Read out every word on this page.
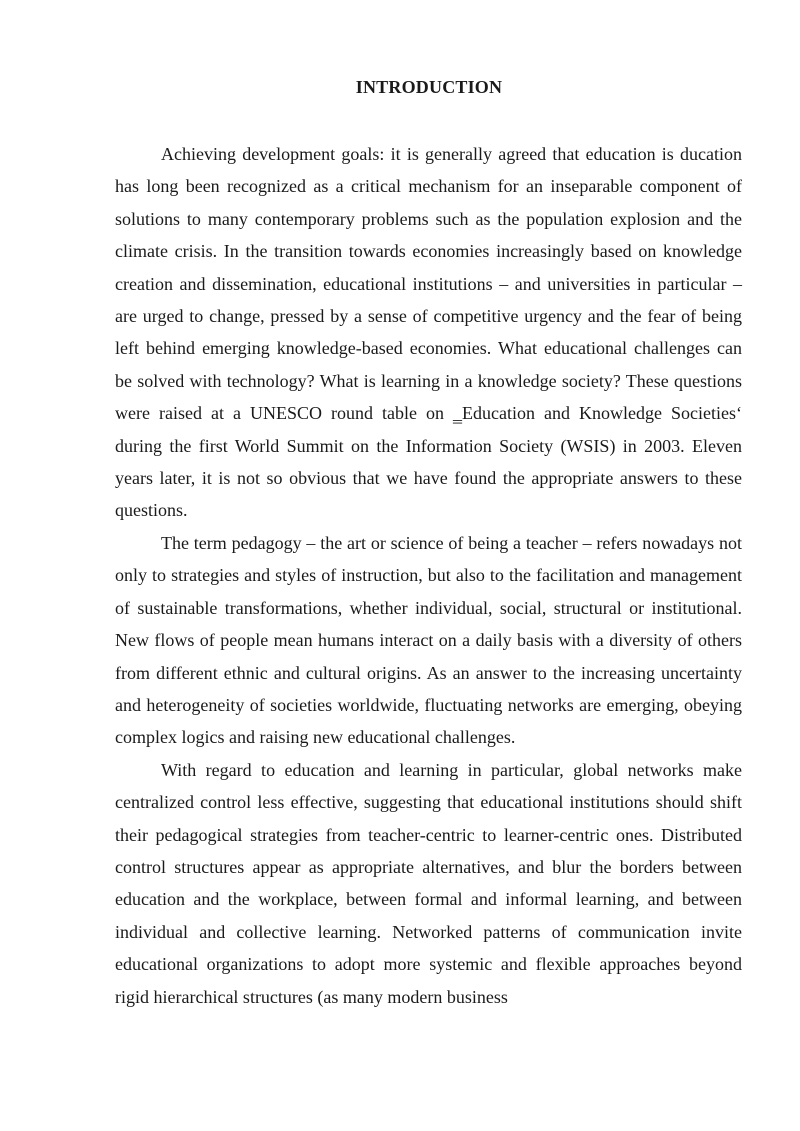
INTRODUCTION

Achieving development goals: it is generally agreed that education is ducation has long been recognized as a critical mechanism for an inseparable component of solutions to many contemporary problems such as the population explosion and the climate crisis. In the transition towards economies increasingly based on knowledge creation and dissemination, educational institutions – and universities in particular – are urged to change, pressed by a sense of competitive urgency and the fear of being left behind emerging knowledge-based economies. What educational challenges can be solved with technology? What is learning in a knowledge society? These questions were raised at a UNESCO round table on ‗Education and Knowledge Societies‘ during the first World Summit on the Information Society (WSIS) in 2003. Eleven years later, it is not so obvious that we have found the appropriate answers to these questions.

The term pedagogy – the art or science of being a teacher – refers nowadays not only to strategies and styles of instruction, but also to the facilitation and management of sustainable transformations, whether individual, social, structural or institutional. New flows of people mean humans interact on a daily basis with a diversity of others from different ethnic and cultural origins. As an answer to the increasing uncertainty and heterogeneity of societies worldwide, fluctuating networks are emerging, obeying complex logics and raising new educational challenges.

With regard to education and learning in particular, global networks make centralized control less effective, suggesting that educational institutions should shift their pedagogical strategies from teacher-centric to learner-centric ones. Distributed control structures appear as appropriate alternatives, and blur the borders between education and the workplace, between formal and informal learning, and between individual and collective learning. Networked patterns of communication invite educational organizations to adopt more systemic and flexible approaches beyond rigid hierarchical structures (as many modern business
